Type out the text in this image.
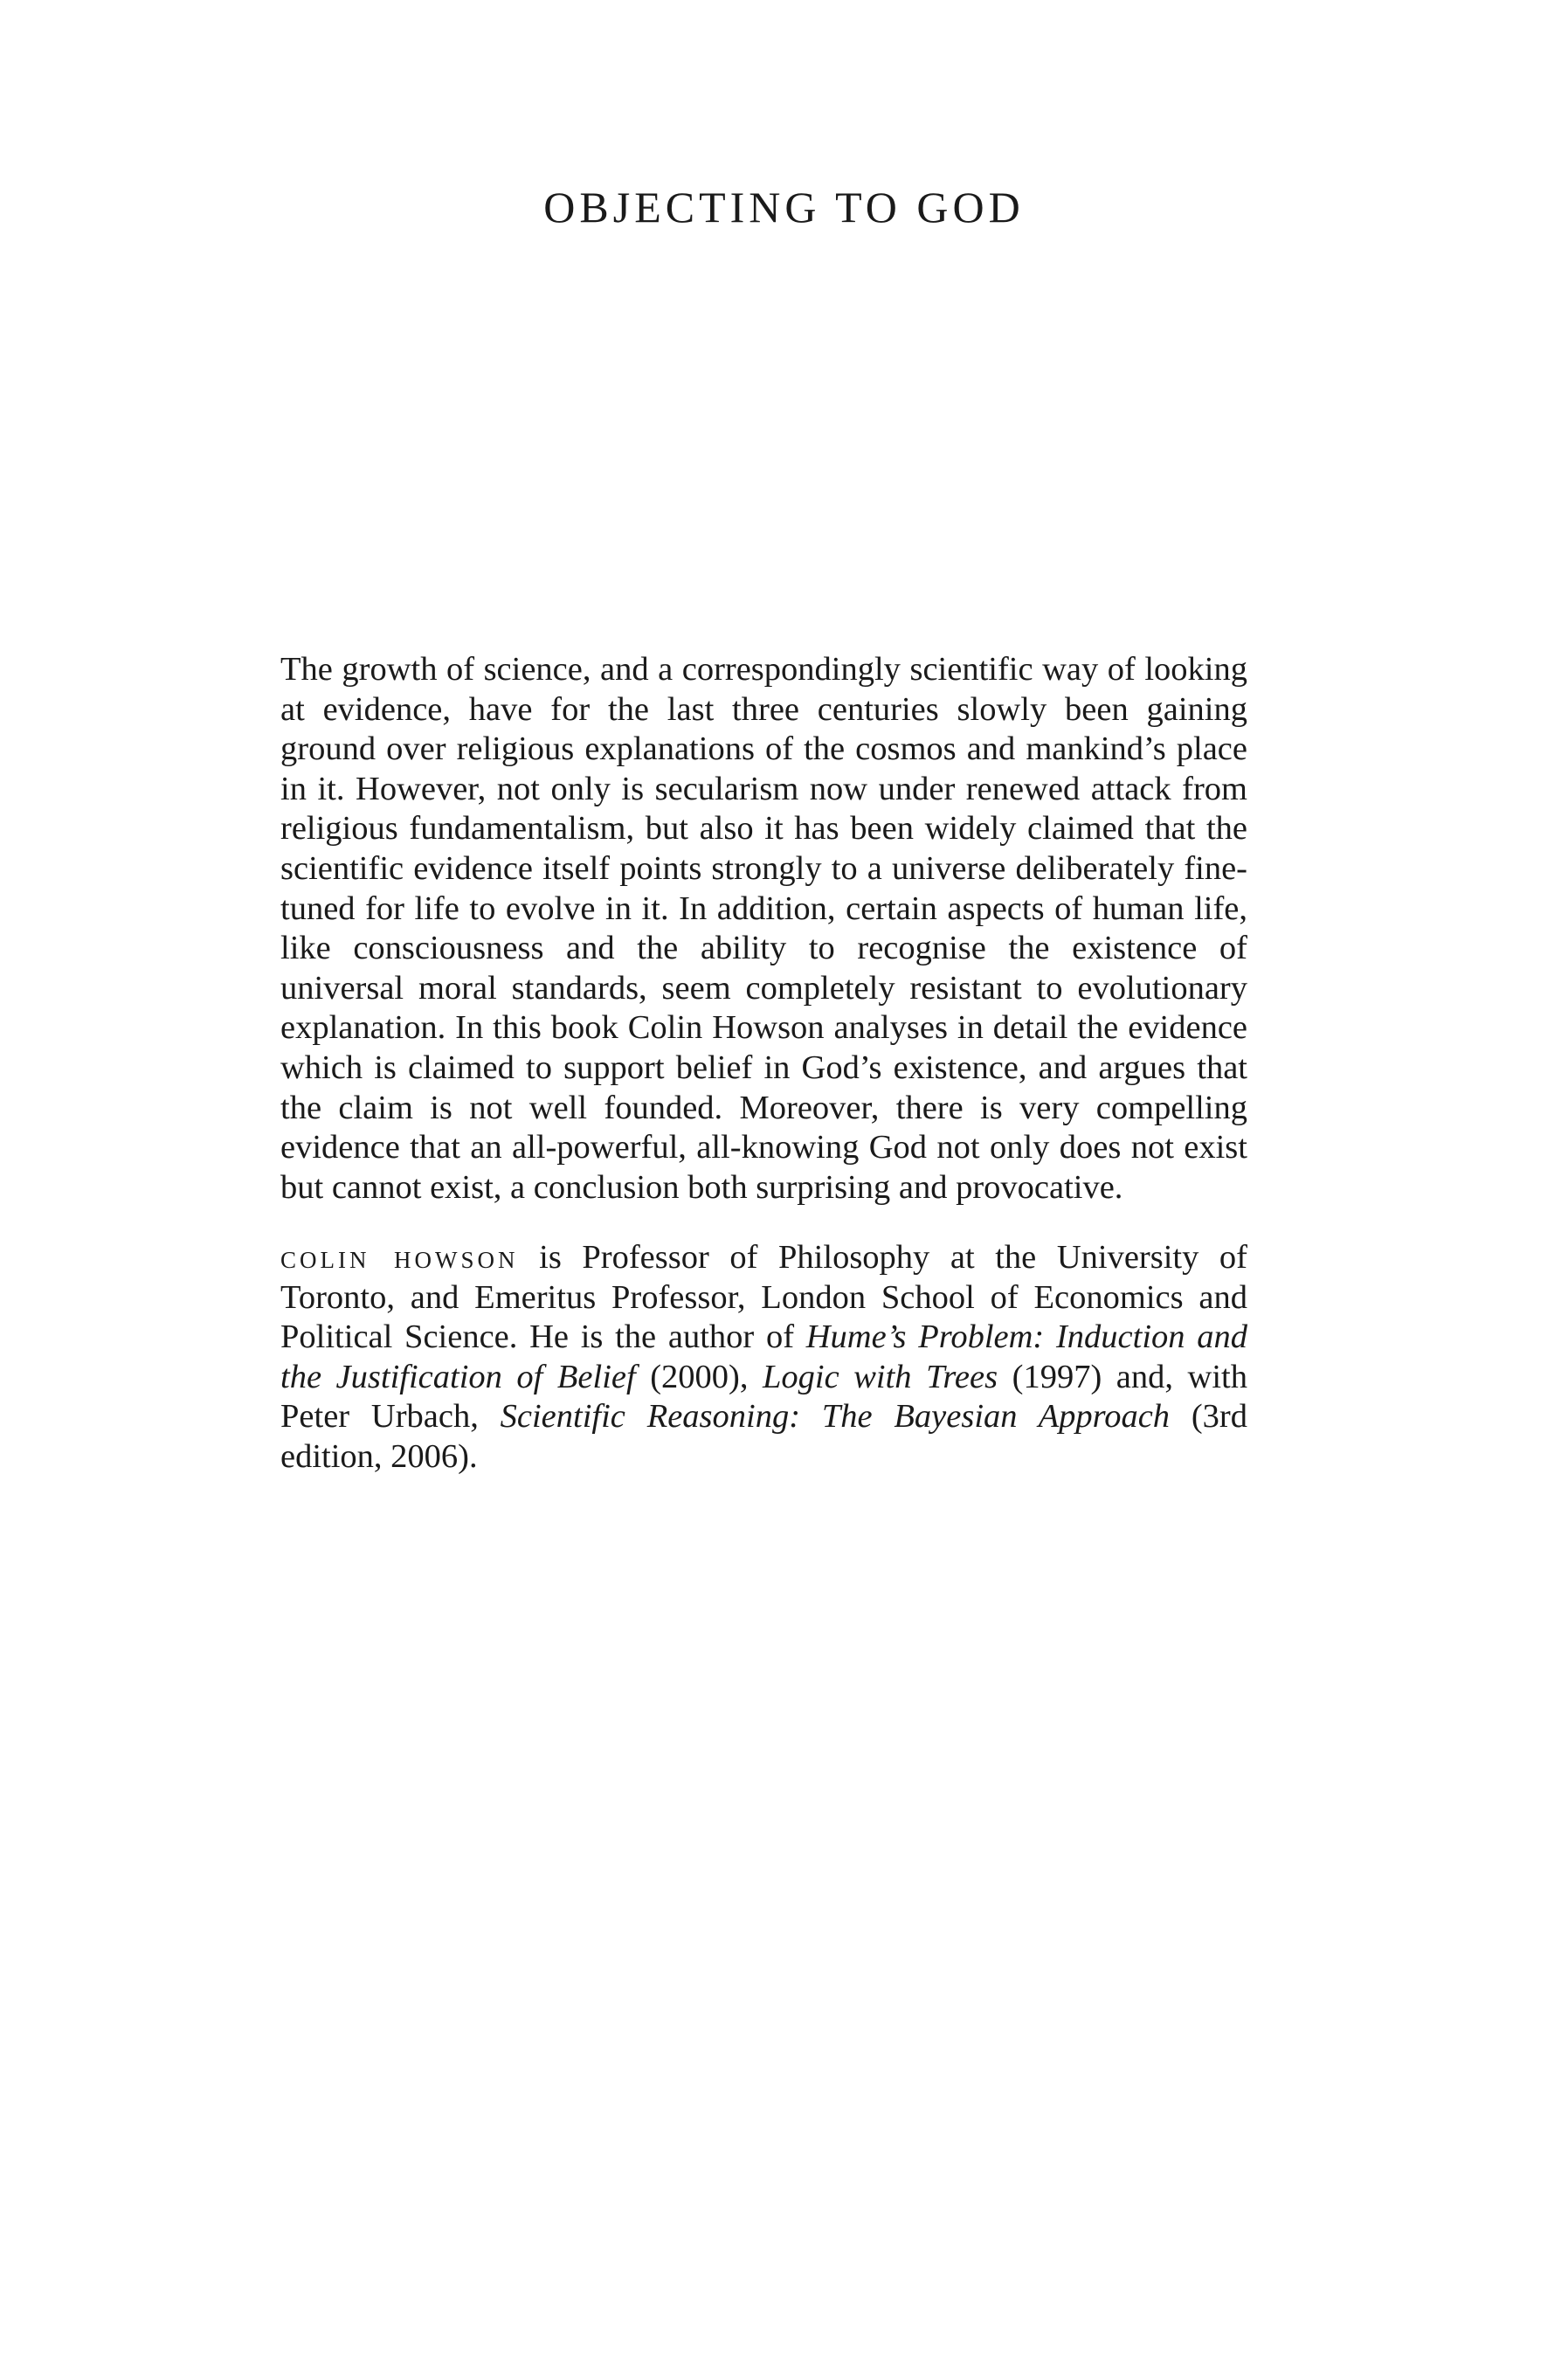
OBJECTING TO GOD

The growth of science, and a correspondingly scientific way of looking at evidence, have for the last three centuries slowly been gaining ground over religious explanations of the cosmos and mankind’s place in it. However, not only is secularism now under renewed attack from religious fundamentalism, but also it has been widely claimed that the scientific evidence itself points strongly to a universe deliberately fine-tuned for life to evolve in it. In addition, certain aspects of human life, like consciousness and the ability to recognise the existence of universal moral standards, seem completely resistant to evolutionary explanation. In this book Colin Howson analyses in detail the evidence which is claimed to support belief in God’s existence, and argues that the claim is not well founded. Moreover, there is very compelling evidence that an all-powerful, all-knowing God not only does not exist but cannot exist, a conclusion both surprising and provocative.

colin howson is Professor of Philosophy at the University of Toronto, and Emeritus Professor, London School of Economics and Political Science. He is the author of Hume’s Problem: Induction and the Justification of Belief (2000), Logic with Trees (1997) and, with Peter Urbach, Scientific Reasoning: The Bayesian Approach (3rd edition, 2006).
